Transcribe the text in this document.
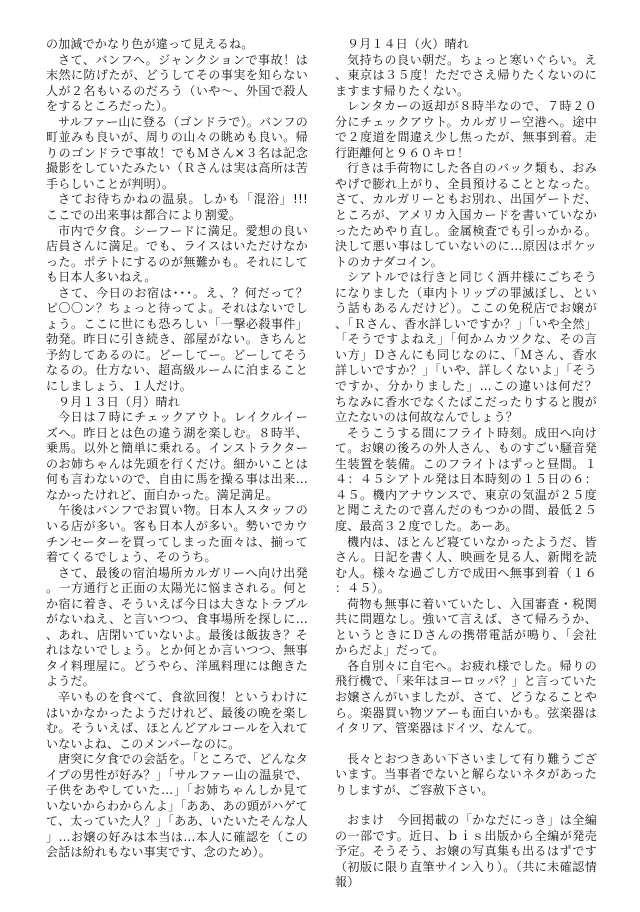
の加減でかなり色が違って見えるね。

さて、バンフへ。ジャンクションで事故！は末然に防げたが、どうしてその事実を知らない人が２名もいるのだろう（いや〜、外国で殺人をするところだった）。

サルファー山に登る（ゴンドラで）。バンフの町並みも良いが、周りの山々の眺めも良い。帰りのゴンドラで事故！でもＭさん×３名は記念撮影をしていたみたい（Ｒさんは実は高所は苦手らしいことが判明）。

さてお待ちかねの温泉。しかも「混浴」!!!　ここでの出来事は都合により割愛。

市内で夕食。シーフードに満足。愛想の良い店員さんに満足。でも、ライスはいただけなかった。ポテトにするのが無難かも。それにしても日本人多いねえ。

さて、今日のお宿は･･･。え、？何だって？ピ〇〇ン？ちょっと待ってよ。それはないでしょう。ここに世にも恐ろしい「一撃必殺事件」勃発。昨日に引き続き、部屋がない。きちんと予約してあるのに。どーしてー。どーしてそうなるの。仕方ない、超高級ルームに泊まることにしましょう、１人だけ。

９月１３日（月）晴れ

今日は７時にチェックアウト。レイクルイーズへ。昨日とは色の違う湖を楽しむ。８時半、乗馬。以外と簡単に乗れる。インストラクターのお姉ちゃんは先頭を行くだけ。細かいことは何も言わないので、自由に馬を操る事は出来…なかったけれど、面白かった。満足満足。

午後はバンフでお買い物。日本人スタッフのいる店が多い。客も日本人が多い。勢いでカウチンセーターを買ってしまった面々は、揃って着てくるでしょう、そのうち。

さて、最後の宿泊場所カルガリーへ向け出発。一方通行と正面の太陽光に悩まされる。何とか宿に着き、そういえば今日は大きなトラブルがないねえ、と言いつつ、食事場所を探しに…、あれ、店閉いていないよ。最後は飯抜き？それはないでしょう。とか何とか言いつつ、無事タイ料理屋に。どうやら、洋風料理には飽きたようだ。

辛いものを食べて、食欲回復！というわけにはいかなかったようだけれど、最後の晩を楽しむ。そういえば、ほとんどアルコールを入れていないよね、このメンバーなのに。

唐突に夕食での会話を。「ところで、どんなタイプの男性が好み？」「サルファー山の温泉で、子供をあやしていた…」「お姉ちゃんしか見ていないからわからんよ」「ああ、あの頭がハゲてて、太っていた人？」「ああ、いたいたそんな人」…お嬢の好みは本当は…本人に確認を（この会話は紛れもない事実です、念のため）。

９月１４日（火）晴れ

気持ちの良い朝だ。ちょっと寒いぐらい。え、東京は３５度！ただでさえ帰りたくないのにますます帰りたくない。

レンタカーの返却が８時半なので、７時２０分にチェックアウト。カルガリー空港へ。途中で２度道を間違え少し焦ったが、無事到着。走行距離何と９６０キロ！

行きは手荷物にした各自のバック類も、おみやげで膨れ上がり、全員預けることとなった。さて、カルガリーともお別れ、出国ゲートだ、ところが、アメリカ入国カードを書いていなかったためやり直し。金属検査でも引っかかる。決して悪い事はしていないのに…原因はポケットのカナダコイン。

シアトルでは行きと同じく酒井様にごちそうになりました（車内トリップの罪滅ぼし、という話もあるんだけど）。ここの免税店でお嬢が、「Ｒさん、香水詳しいですか？」「いや全然」「そうですよねえ」「何かムカツクな、その言い方」Ｄさんにも同じなのに、「Ｍさん、香水詳しいですか？」「いや、詳しくないよ」「そうですか、分かりました」…この違いは何だ？　ちなみに香水でなくたばこだったりすると腹が立たないのは何故なんでしょう？

そうこうする間にフライト時刻。成田へ向けて。お嬢の後ろの外人さん、ものすごい騒音発生装置を装備。このフライトはずっと昼間。１４：４５シアトル発は日本時刻の１５日の６：４５。機内アナウンスで、東京の気温が２５度と聞こえたので喜んだのもつかの間、最低２５度、最高３２度でした。あーあ。

機内は、ほとんど寝ていなかったようだ、皆さん。日記を書く人、映画を見る人、新聞を読む人。様々な過ごし方で成田へ無事到着（１６：４５）。

荷物も無事に着いていたし、入国審査・税関共に問題なし。強いて言えば、さて帰ろうか、というときにＤさんの携帯電話が鳴り、「会社からだよ」だって。

各自別々に自宅へ。お疲れ様でした。帰りの飛行機で、「来年はヨーロッパ？」と言っていたお嬢さんがいましたが、さて、どうなることやら。楽器買い物ツアーも面白いかも。弦楽器はイタリア、管楽器はドイツ、なんて。

長々とおつきあい下さいまして有り難うございます。当事者でないと解らないネタがあったりしますが、ご容赦下さい。

おまけ　今回掲載の「かなだにっき」は全編の一部です。近日、ｂｉｓ出版から全編が発売予定。そうそう、お嬢の写真集も出るはずです（初版に限り直筆サイン入り）。（共に未確認情報）
